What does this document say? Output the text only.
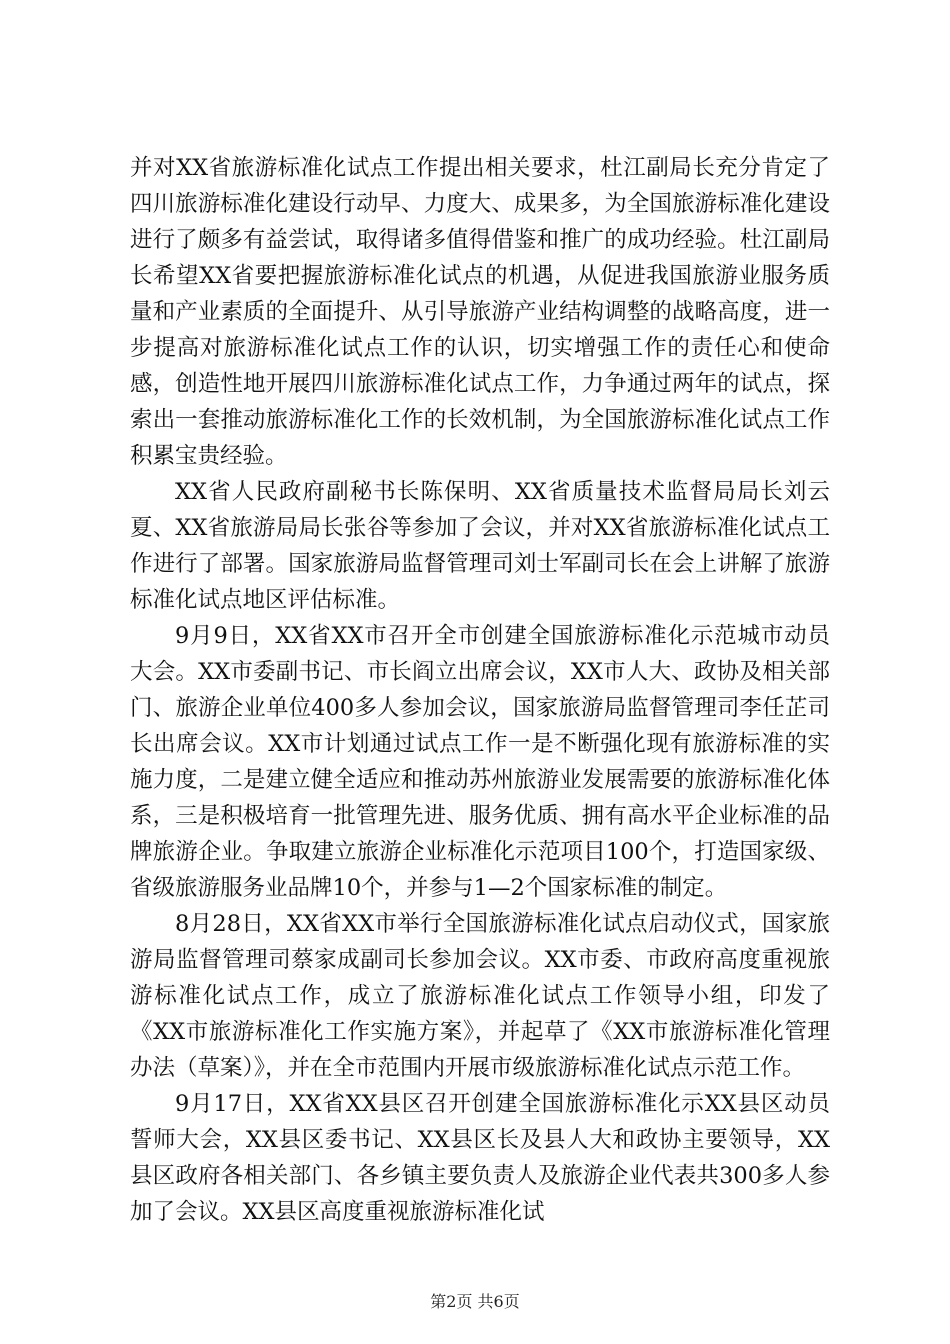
并对XX省旅游标准化试点工作提出相关要求，杜江副局长充分肯定了四川旅游标准化建设行动早、力度大、成果多，为全国旅游标准化建设进行了颇多有益尝试，取得诸多值得借鉴和推广的成功经验。杜江副局长希望XX省要把握旅游标准化试点的机遇，从促进我国旅游业服务质量和产业素质的全面提升、从引导旅游产业结构调整的战略高度，进一步提高对旅游标准化试点工作的认识，切实增强工作的责任心和使命感，创造性地开展四川旅游标准化试点工作，力争通过两年的试点，探索出一套推动旅游标准化工作的长效机制，为全国旅游标准化试点工作积累宝贵经验。

XX省人民政府副秘书长陈保明、XX省质量技术监督局局长刘云夏、XX省旅游局局长张谷等参加了会议，并对XX省旅游标准化试点工作进行了部署。国家旅游局监督管理司刘士军副司长在会上讲解了旅游标准化试点地区评估标准。

9月9日，XX省XX市召开全市创建全国旅游标准化示范城市动员大会。XX市委副书记、市长阎立出席会议，XX市人大、政协及相关部门、旅游企业单位400多人参加会议，国家旅游局监督管理司李任芷司长出席会议。XX市计划通过试点工作一是不断强化现有旅游标准的实施力度，二是建立健全适应和推动苏州旅游业发展需要的旅游标准化体系，三是积极培育一批管理先进、服务优质、拥有高水平企业标准的品牌旅游企业。争取建立旅游企业标准化示范项目100个，打造国家级、省级旅游服务业品牌10个，并参与1—2个国家标准的制定。

8月28日，XX省XX市举行全国旅游标准化试点启动仪式，国家旅游局监督管理司蔡家成副司长参加会议。XX市委、市政府高度重视旅游标准化试点工作，成立了旅游标准化试点工作领导小组，印发了《XX市旅游标准化工作实施方案》，并起草了《XX市旅游标准化管理办法（草案）》，并在全市范围内开展市级旅游标准化试点示范工作。

9月17日，XX省XX县区召开创建全国旅游标准化示XX县区动员誓师大会，XX县区委书记、XX县区长及县人大和政协主要领导，XX县区政府各相关部门、各乡镇主要负责人及旅游企业代表共300多人参加了会议。XX县区高度重视旅游标准化试

第2页 共6页
